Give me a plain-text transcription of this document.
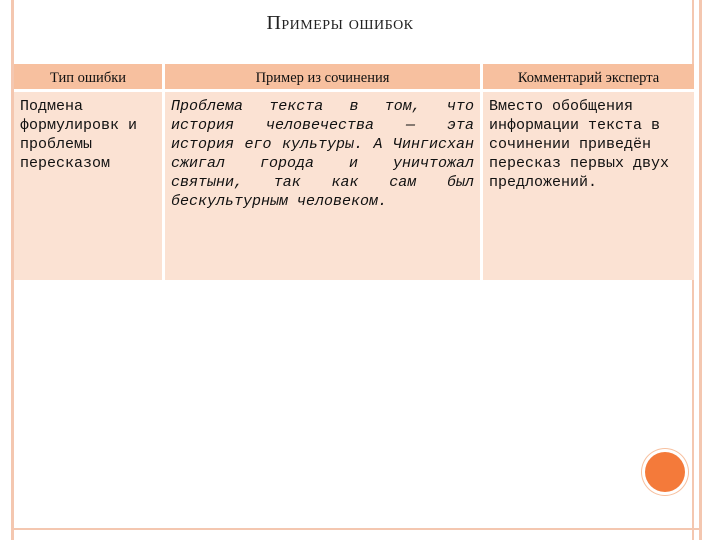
Примеры ошибок
Тип ошибки	Пример из сочинения	Комментарий эксперта
Подмена формулировк и проблемы пересказом
Проблема текста в том, что история человечества — эта история его культуры. А Чингисхан сжигал города и уничтожал святыни, так как сам был бескультурным человеком.
Вместо обобщения информации текста в сочинении приведён пересказ первых двух предложений.
